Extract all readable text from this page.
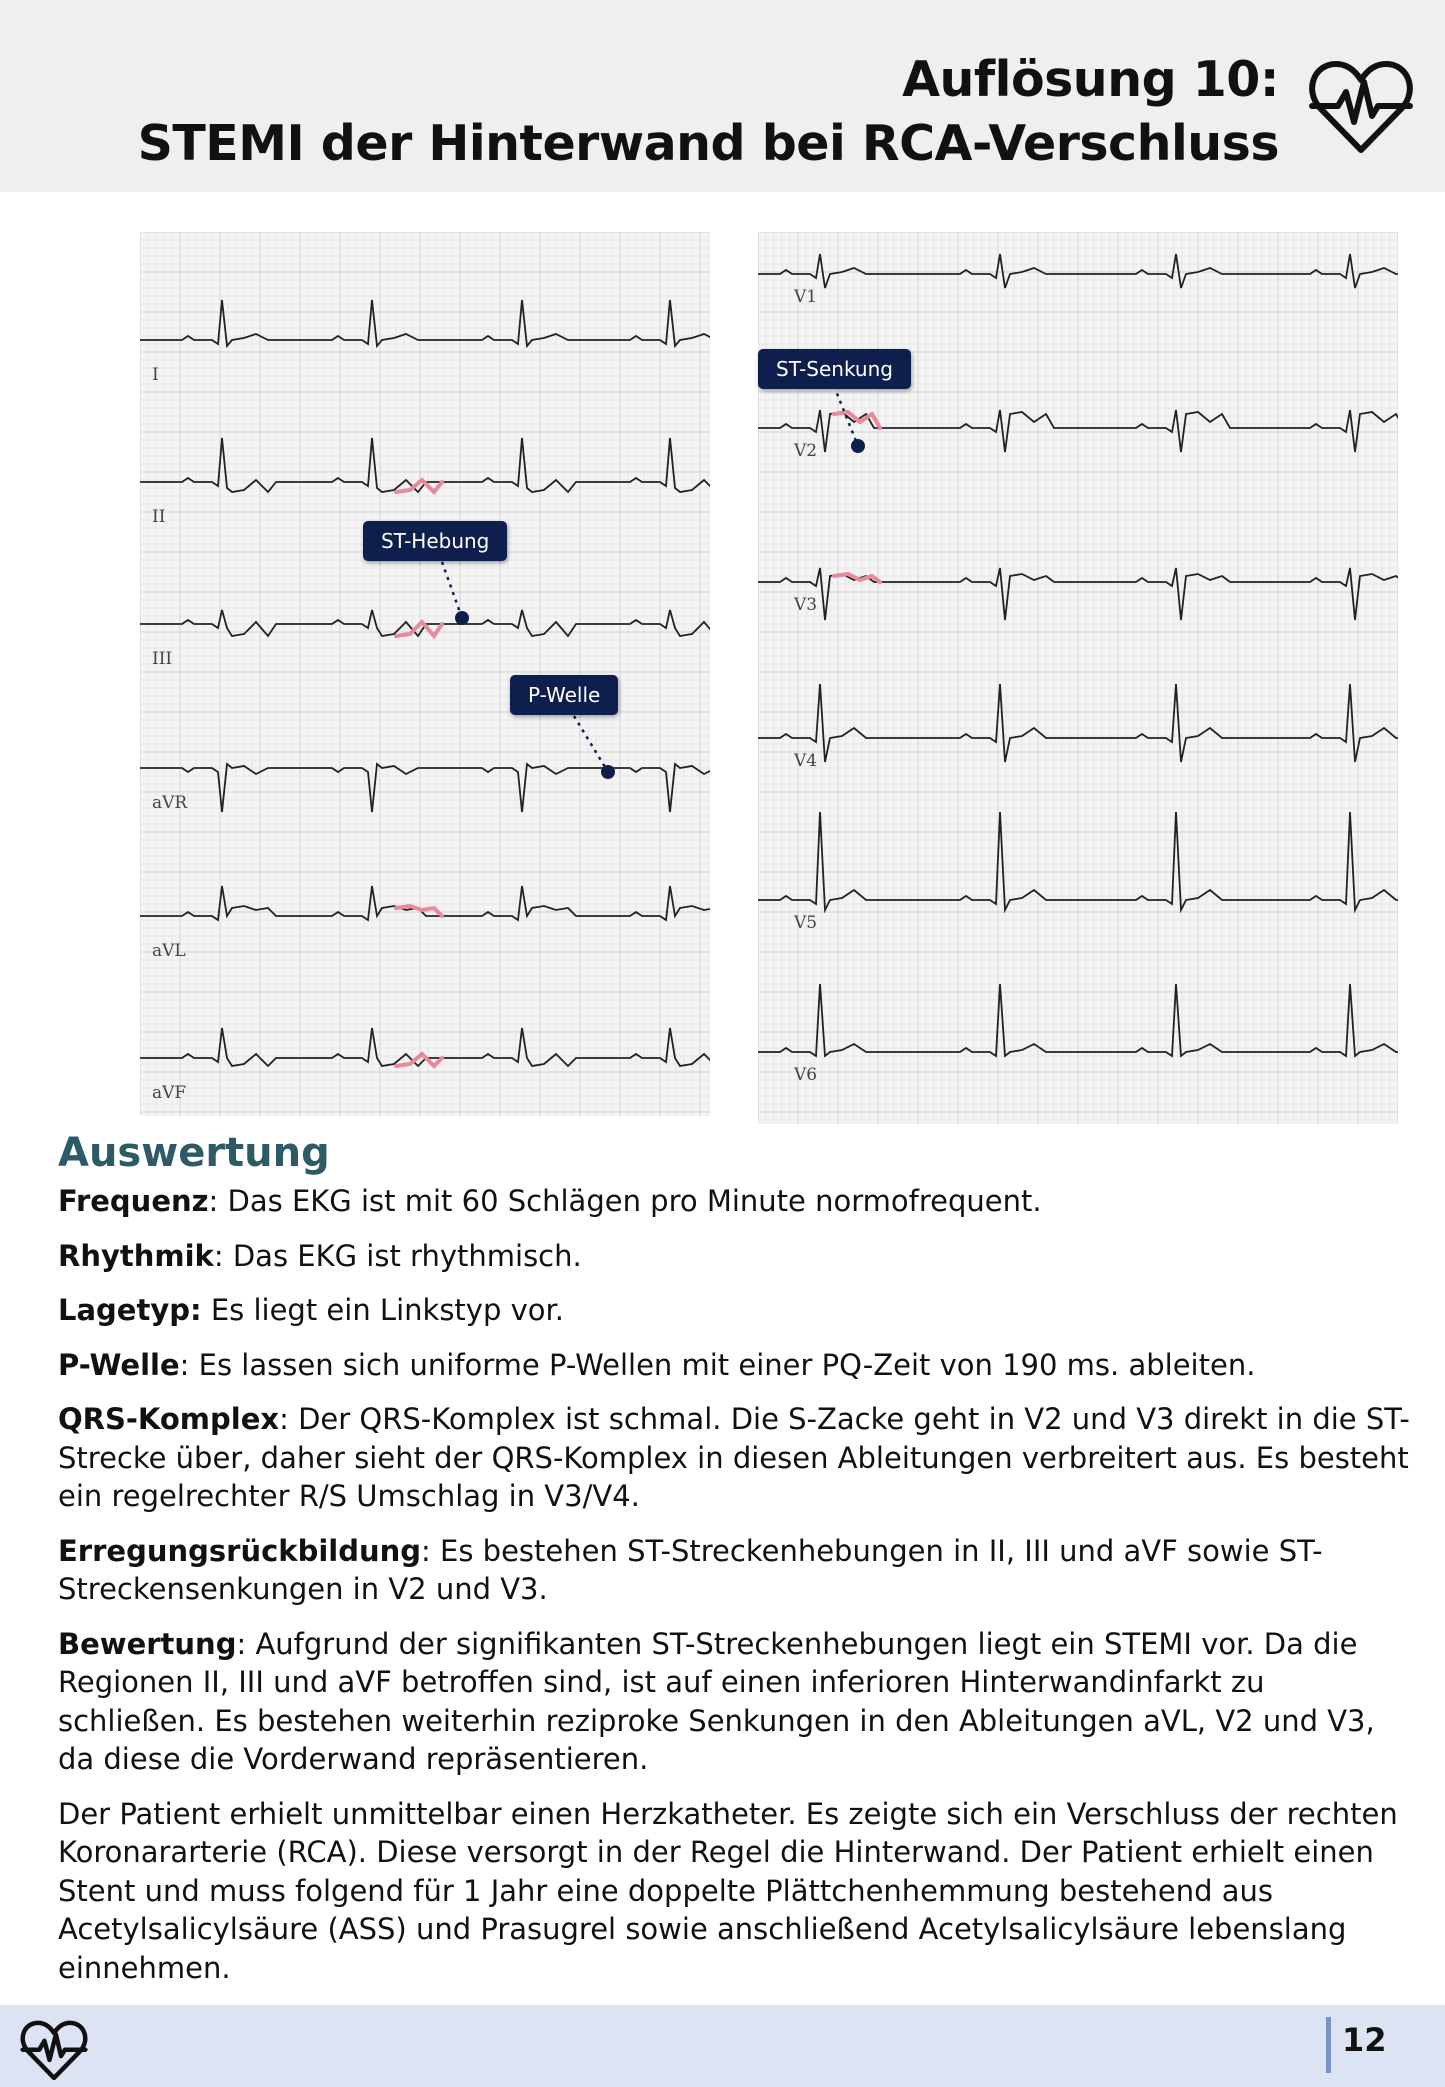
Auflösung 10:
STEMI der Hinterwand bei RCA-Verschluss
I
II
III
aVR
aVL
aVF
V1
V2
V3
V4
V5
V6
ST-Hebung
P-Welle
ST-Senkung
Auswertung

Frequenz: Das EKG ist mit 60 Schlägen pro Minute normofrequent.

Rhythmik: Das EKG ist rhythmisch.

Lagetyp: Es liegt ein Linkstyp vor.

P-Welle: Es lassen sich uniforme P-Wellen mit einer PQ-Zeit von 190 ms. ableiten.

QRS-Komplex: Der QRS-Komplex ist schmal. Die S-Zacke geht in V2 und V3 direkt in die ST-Strecke über, daher sieht der QRS-Komplex in diesen Ableitungen verbreitert aus. Es besteht ein regelrechter R/S Umschlag in V3/V4.

Erregungsrückbildung: Es bestehen ST-Streckenhebungen in II, III und aVF sowie ST-Streckensenkungen in V2 und V3.

Bewertung: Aufgrund der signifikanten ST-Streckenhebungen liegt ein STEMI vor. Da die Regionen II, III und aVF betroffen sind, ist auf einen inferioren Hinterwandinfarkt zu schließen. Es bestehen weiterhin reziproke Senkungen in den Ableitungen aVL, V2 und V3, da diese die Vorderwand repräsentieren.

Der Patient erhielt unmittelbar einen Herzkatheter. Es zeigte sich ein Verschluss der rechten Koronararterie (RCA). Diese versorgt in der Regel die Hinterwand. Der Patient erhielt einen Stent und muss folgend für 1 Jahr eine doppelte Plättchenhemmung bestehend aus Acetylsalicylsäure (ASS) und Prasugrel sowie anschließend Acetylsalicylsäure lebenslang einnehmen.

12
